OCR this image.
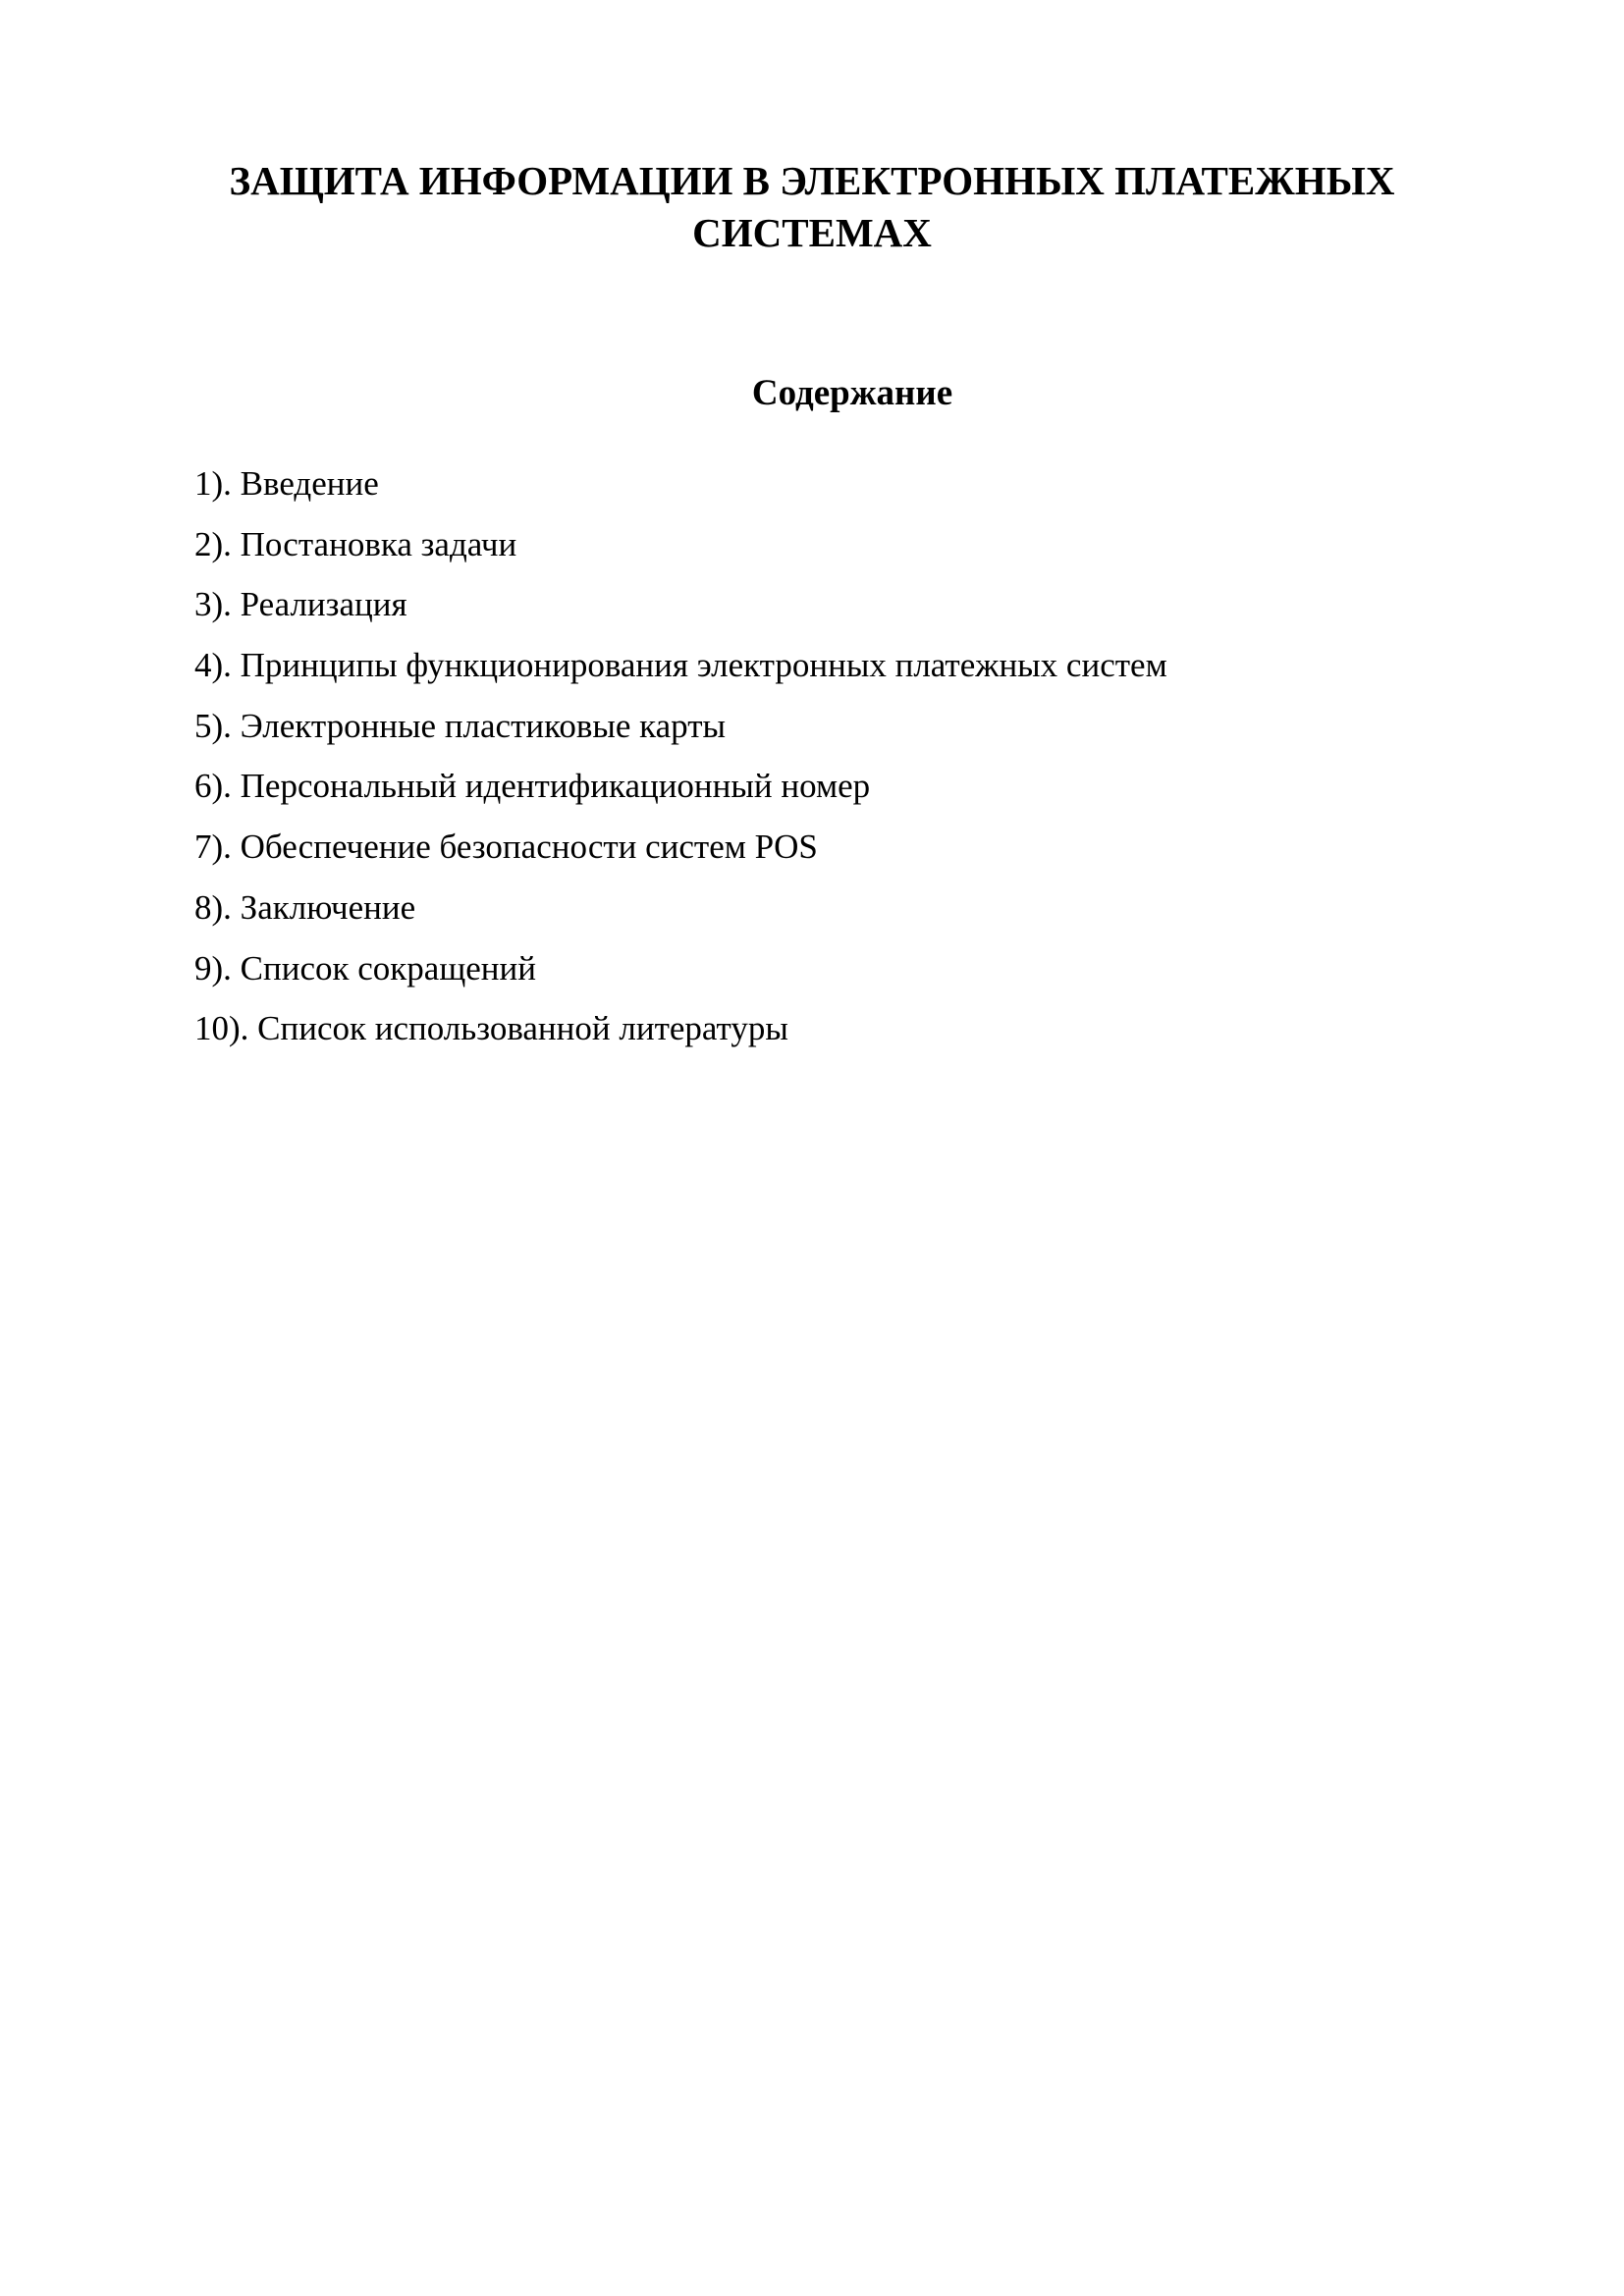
ЗАЩИТА ИНФОРМАЦИИ В ЭЛЕКТРОННЫХ ПЛАТЕЖНЫХ
СИСТЕМАХ
Содержание
1). Введение
2). Постановка задачи
3). Реализация
4). Принципы функционирования электронных платежных систем
5). Электронные пластиковые карты
6). Персональный идентификационный номер
7). Обеспечение безопасности систем POS
8). Заключение
9). Список сокращений
10). Список использованной литературы
